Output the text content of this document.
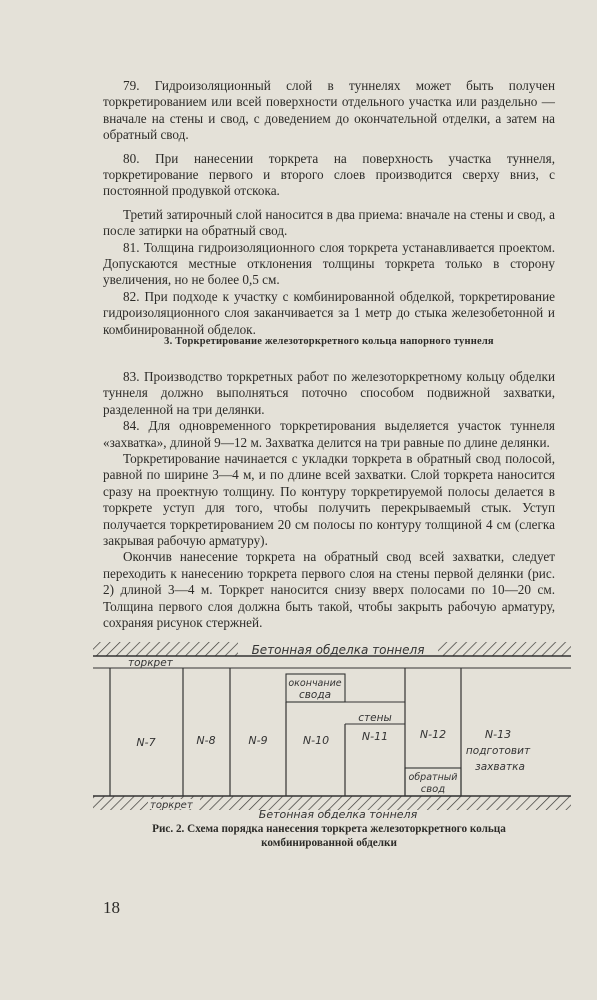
79. Гидроизоляционный слой в туннелях может быть получен торкретированием или всей поверхности отдельного участка или раздельно — вначале на стены и свод, с доведением до окончательной отделки, а затем на обратный свод.

80. При нанесении торкрета на поверхность участка туннеля, торкретирование первого и второго слоев производится сверху вниз, с постоянной продувкой отскока.

Третий затирочный слой наносится в два приема: вначале на стены и свод, а после затирки на обратный свод.

81. Толщина гидроизоляционного слоя торкрета устанавливается проектом. Допускаются местные отклонения толщины торкрета только в сторону увеличения, но не более 0,5 см.

82. При подходе к участку с комбинированной обделкой, торкретирование гидроизоляционного слоя заканчивается за 1 метр до стыка железобетонной и комбинированной обделок.

3. Торкретирование железоторкретного кольца напорного туннеля

83. Производство торкретных работ по железоторкретному кольцу обделки туннеля должно выполняться поточно способом подвижной захватки, разделенной на три делянки.

84. Для одновременного торкретирования выделяется участок туннеля «захватка», длиной 9—12 м. Захватка делится на три равные по длине делянки.

Торкретирование начинается с укладки торкрета в обратный свод полосой, равной по ширине 3—4 м, и по длине всей захватки. Слой торкрета наносится сразу на проектную толщину. По контуру торкретируемой полосы делается в торкрете уступ для того, чтобы получить перекрываемый стык. Уступ получается торкретированием 20 см полосы по контуру толщиной 4 см (слегка закрывая рабочую арматуру).

Окончив нанесение торкрета на обратный свод всей захватки, следует переходить к нанесению торкрета первого слоя на стены первой делянки (рис. 2) длиной 3—4 м. Торкрет наносится снизу вверх полосами по 10—20 см. Толщина первого слоя должна быть такой, чтобы закрыть рабочую арматуру, сохраняя рисунок стержней.

Бетонная обделка тоннеля
торкрет
торкрет
Бетонная обделка тоннеля
окончание
свода
стены
обратный
свод
N-7	N-8	N-9	N-10	N-11	N-12	N-13
подготовит
захватка
Рис. 2. Схема порядка нанесения торкрета железоторкретного кольца
комбинированной обделки
18
